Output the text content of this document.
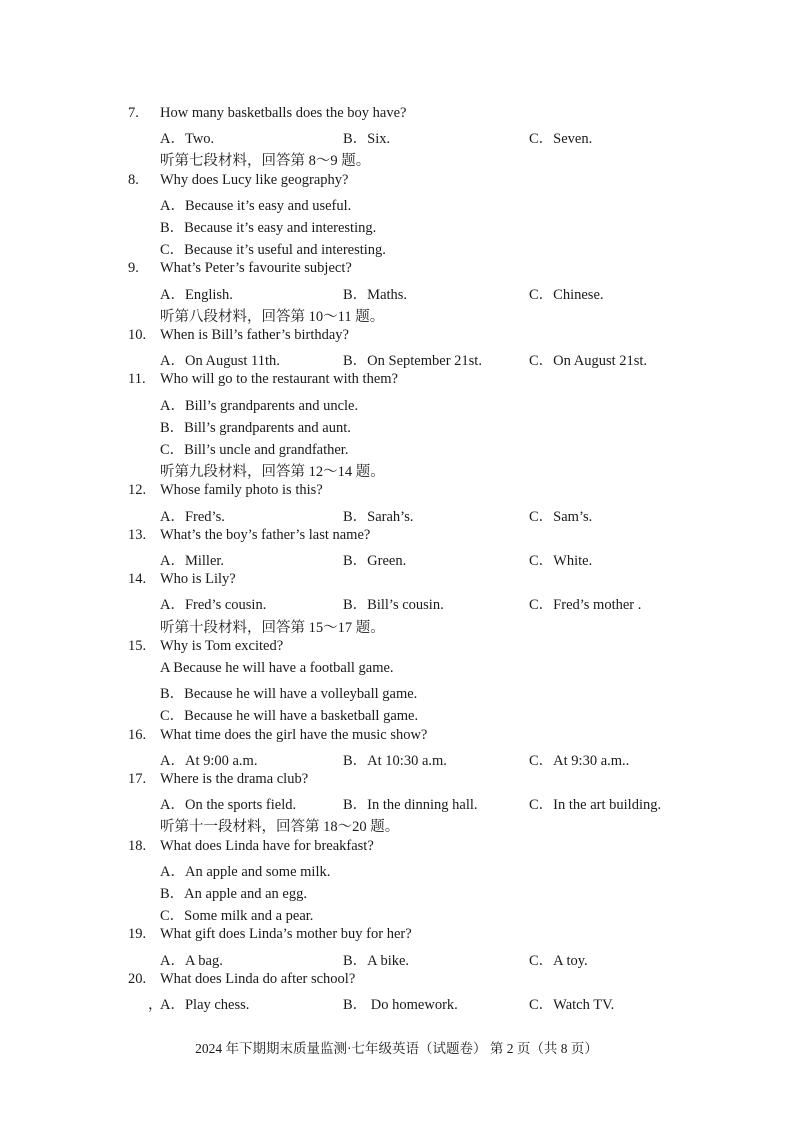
7. How many basketballs does the boy have?
A．Two.	B．Six.	C．Seven.
听第七段材料，回答第 8～9 题。
8. Why does Lucy like geography?
A．Because it’s easy and useful.
B．Because it’s easy and interesting.
C．Because it’s useful and interesting.
9. What’s Peter’s favourite subject?
A．English.	B．Maths.	C．Chinese.
听第八段材料，回答第 10～11 题。
10. When is Bill’s father’s birthday?
A．On August 11th.	B．On September 21st.	C．On August 21st.
11. Who will go to the restaurant with them?
A．Bill’s grandparents and uncle.
B．Bill’s grandparents and aunt.
C．Bill’s uncle and grandfather.
听第九段材料，回答第 12～14 题。
12. Whose family photo is this?
A．Fred’s.	B．Sarah’s.	C．Sam’s.
13. What’s the boy’s father’s last name?
A．Miller.	B．Green.	C．White.
14. Who is Lily?
A．Fred’s cousin.	B．Bill’s cousin.	C．Fred’s mother .
听第十段材料，回答第 15～17 题。
15. Why is Tom excited?
A Because he will have a football game.
B．Because he will have a volleyball game.
C．Because he will have a basketball game.
16. What time does the girl have the music show?
A．At 9:00 a.m.	B．At 10:30 a.m.	C．At 9:30 a.m..
17. Where is the drama club?
A．On the sports field.	B．In the dinning hall.	C．In the art building.
听第十一段材料，回答第 18～20 题。
18. What does Linda have for breakfast?
A．An apple and some milk.
B．An apple and an egg.
C．Some milk and a pear.
19. What gift does Linda’s mother buy for her?
A．A bag.	B．A bike.	C．A toy.
20. What does Linda do after school?
，
A．Play chess.	B． Do homework.	C．Watch TV.
2024 年下期期末质量监测·七年级英语（试题卷） 第 2 页（共 8 页）
